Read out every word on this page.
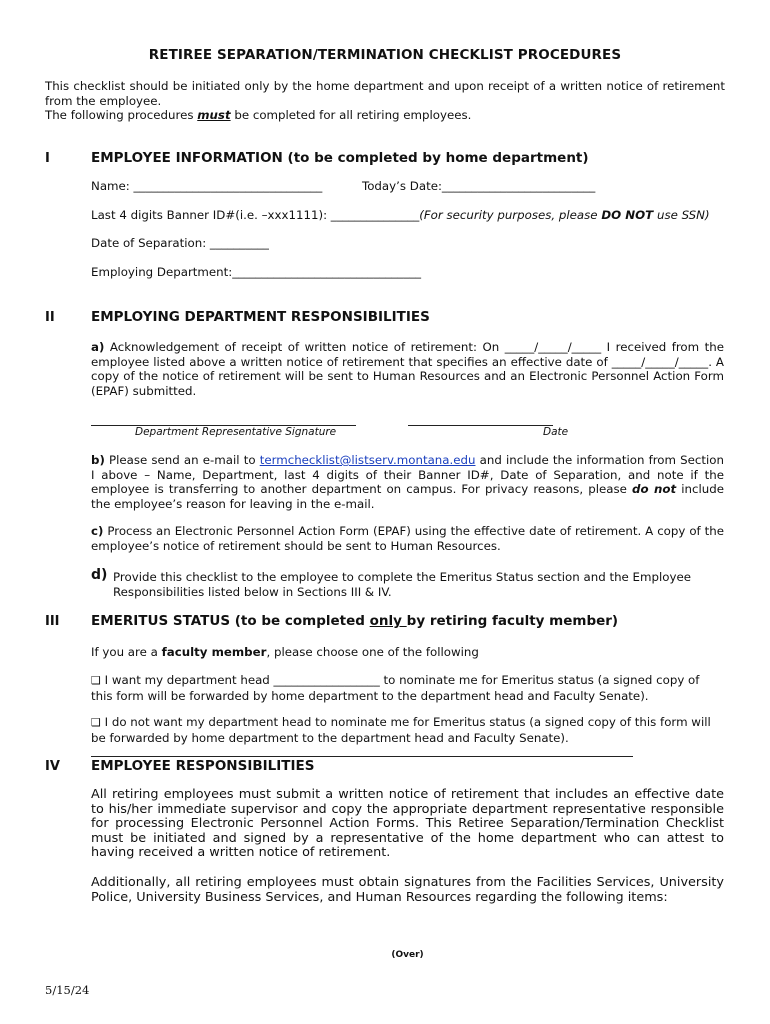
RETIREE SEPARATION/TERMINATION CHECKLIST PROCEDURES
This checklist should be initiated only by the home department and upon receipt of a written notice of retirement from the employee.
The following procedures must be completed for all retiring employees.
I	EMPLOYEE INFORMATION (to be completed by home department)
Name: ________________________________	Today’s Date:__________________________
Last 4 digits Banner ID#(i.e. –xxx1111): _______________(For security purposes, please DO NOT use SSN)
Date of Separation: __________
Employing Department:________________________________
II	EMPLOYING DEPARTMENT RESPONSIBILITIES
a) Acknowledgement of receipt of written notice of retirement: On _____/_____/_____ I received from the employee listed above a written notice of retirement that specifies an effective date of _____/_____/_____. A copy of the notice of retirement will be sent to Human Resources and an Electronic Personnel Action Form (EPAF) submitted.
Department Representative Signature	Date
b) Please send an e-mail to termchecklist@listserv.montana.edu and include the information from Section I above – Name, Department, last 4 digits of their Banner ID#, Date of Separation, and note if the employee is transferring to another department on campus. For privacy reasons, please do not include the employee’s reason for leaving in the e-mail.
c) Process an Electronic Personnel Action Form (EPAF) using the effective date of retirement. A copy of the employee’s notice of retirement should be sent to Human Resources.
d) Provide this checklist to the employee to complete the Emeritus Status section and the Employee Responsibilities listed below in Sections III & IV.
III EMERITUS STATUS (to be completed only by retiring faculty member)
If you are a faculty member, please choose one of the following
❑ I want my department head __________________ to nominate me for Emeritus status (a signed copy of this form will be forwarded by home department to the department head and Faculty Senate).
❑ I do not want my department head to nominate me for Emeritus status (a signed copy of this form will be forwarded by home department to the department head and Faculty Senate).
IV EMPLOYEE RESPONSIBILITIES
All retiring employees must submit a written notice of retirement that includes an effective date to his/her immediate supervisor and copy the appropriate department representative responsible for processing Electronic Personnel Action Forms. This Retiree Separation/Termination Checklist must be initiated and signed by a representative of the home department who can attest to having received a written notice of retirement.
Additionally, all retiring employees must obtain signatures from the Facilities Services, University Police, University Business Services, and Human Resources regarding the following items:
(Over)
5/15/24
